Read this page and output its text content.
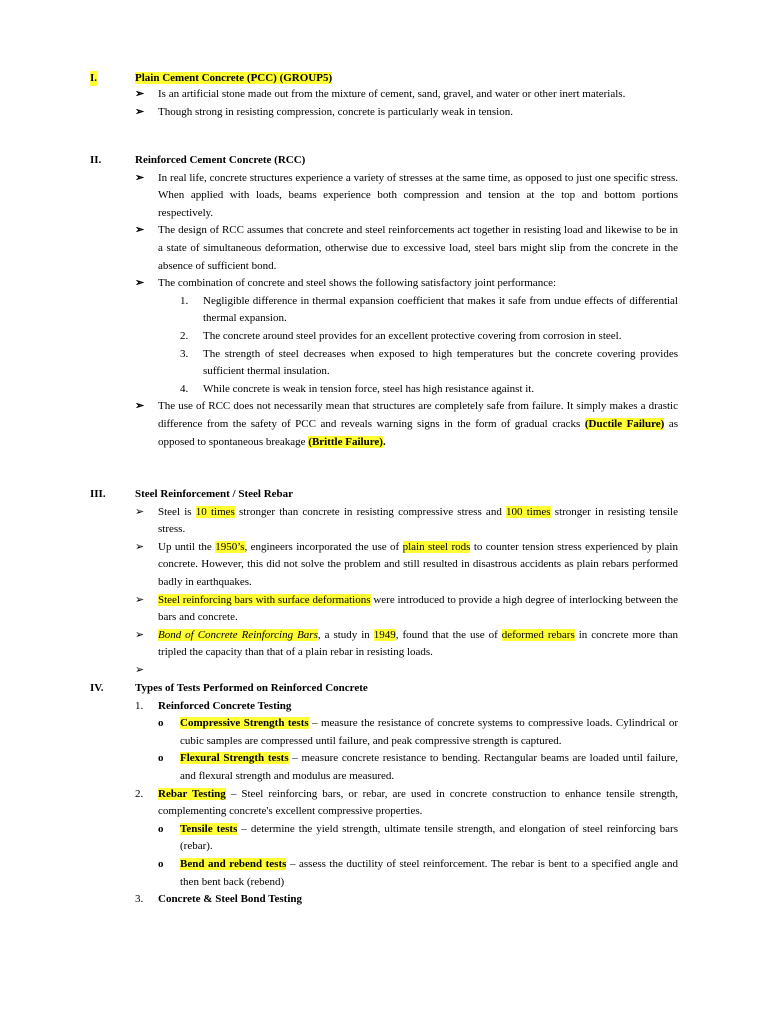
I.	Plain Cement Concrete (PCC) (GROUP5)
➢ Is an artificial stone made out from the mixture of cement, sand, gravel, and water or other inert materials.
➢ Though strong in resisting compression, concrete is particularly weak in tension.
II.	Reinforced Cement Concrete (RCC)
➢ In real life, concrete structures experience a variety of stresses at the same time, as opposed to just one specific stress. When applied with loads, beams experience both compression and tension at the top and bottom portions respectively.
➢ The design of RCC assumes that concrete and steel reinforcements act together in resisting load and likewise to be in a state of simultaneous deformation, otherwise due to excessive load, steel bars might slip from the concrete in the absence of sufficient bond.
➢ The combination of concrete and steel shows the following satisfactory joint performance:
1. Negligible difference in thermal expansion coefficient that makes it safe from undue effects of differential thermal expansion.
2. The concrete around steel provides for an excellent protective covering from corrosion in steel.
3. The strength of steel decreases when exposed to high temperatures but the concrete covering provides sufficient thermal insulation.
4. While concrete is weak in tension force, steel has high resistance against it.
➢ The use of RCC does not necessarily mean that structures are completely safe from failure. It simply makes a drastic difference from the safety of PCC and reveals warning signs in the form of gradual cracks (Ductile Failure) as opposed to spontaneous breakage (Brittle Failure).
III.	Steel Reinforcement / Steel Rebar
➢ Steel is 10 times stronger than concrete in resisting compressive stress and 100 times stronger in resisting tensile stress.
➢ Up until the 1950’s, engineers incorporated the use of plain steel rods to counter tension stress experienced by plain concrete. However, this did not solve the problem and still resulted in disastrous accidents as plain rebars performed badly in earthquakes.
➢ Steel reinforcing bars with surface deformations were introduced to provide a high degree of interlocking between the bars and concrete.
➢ Bond of Concrete Reinforcing Bars, a study in 1949, found that the use of deformed rebars in concrete more than tripled the capacity than that of a plain rebar in resisting loads.
➢

IV.	Types of Tests Performed on Reinforced Concrete
1. Reinforced Concrete Testing
o Compressive Strength tests – measure the resistance of concrete systems to compressive loads. Cylindrical or cubic samples are compressed until failure, and peak compressive strength is captured.
o Flexural Strength tests – measure concrete resistance to bending. Rectangular beams are loaded until failure, and flexural strength and modulus are measured.
2. Rebar Testing – Steel reinforcing bars, or rebar, are used in concrete construction to enhance tensile strength, complementing concrete's excellent compressive properties.
o Tensile tests – determine the yield strength, ultimate tensile strength, and elongation of steel reinforcing bars (rebar).
o Bend and rebend tests – assess the ductility of steel reinforcement. The rebar is bent to a specified angle and then bent back (rebend)
3. Concrete & Steel Bond Testing
